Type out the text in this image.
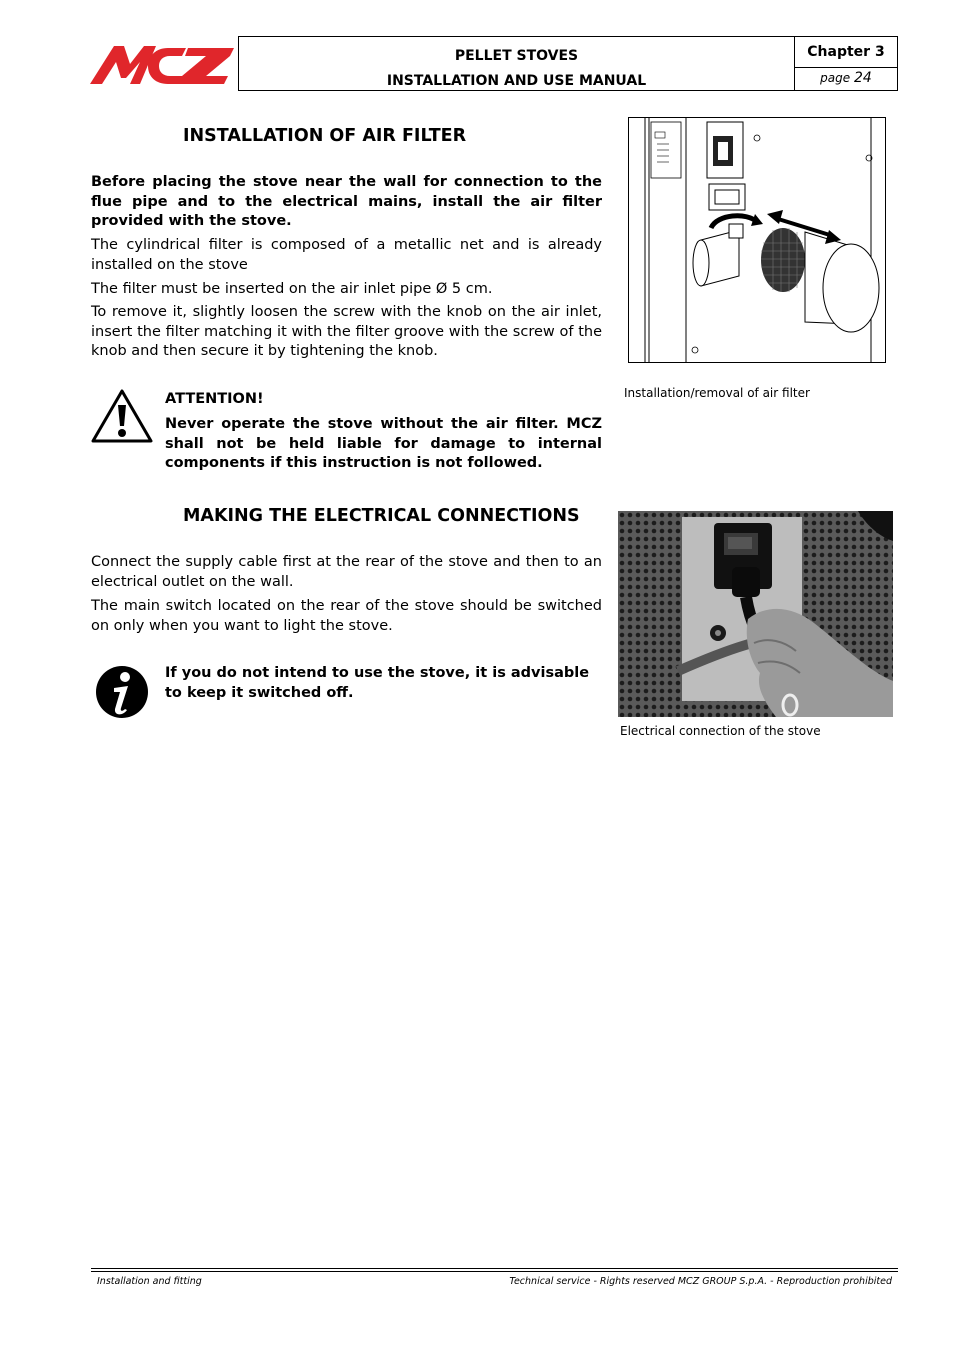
PELLET STOVES
INSTALLATION AND USE MANUAL
Chapter 3
page 24
INSTALLATION OF AIR FILTER
Before placing the stove near the wall for connection to the flue pipe and to the electrical mains, install the air filter provided with the stove.
The cylindrical filter is composed of a metallic net and is already installed on the stove
The filter must be inserted on the air inlet pipe Ø 5 cm.
To remove it, slightly loosen the screw with the knob on the air inlet, insert the filter matching it with the filter groove with the screw of the knob and then secure it by tightening the knob.
Installation/removal of air filter
ATTENTION!
Never operate the stove without the air filter. MCZ shall not be held liable for damage to internal components if this instruction is not followed.
MAKING THE ELECTRICAL CONNECTIONS
Connect the supply cable first at the rear of the stove and then to an electrical outlet on the wall.
The main switch located on the rear of the stove should be switched on only when you want to light the stove.
Electrical connection of the stove
If you do not intend to use the stove, it is advisable to keep it switched off.
Installation and fitting	Technical service - Rights reserved MCZ GROUP S.p.A. - Reproduction prohibited
